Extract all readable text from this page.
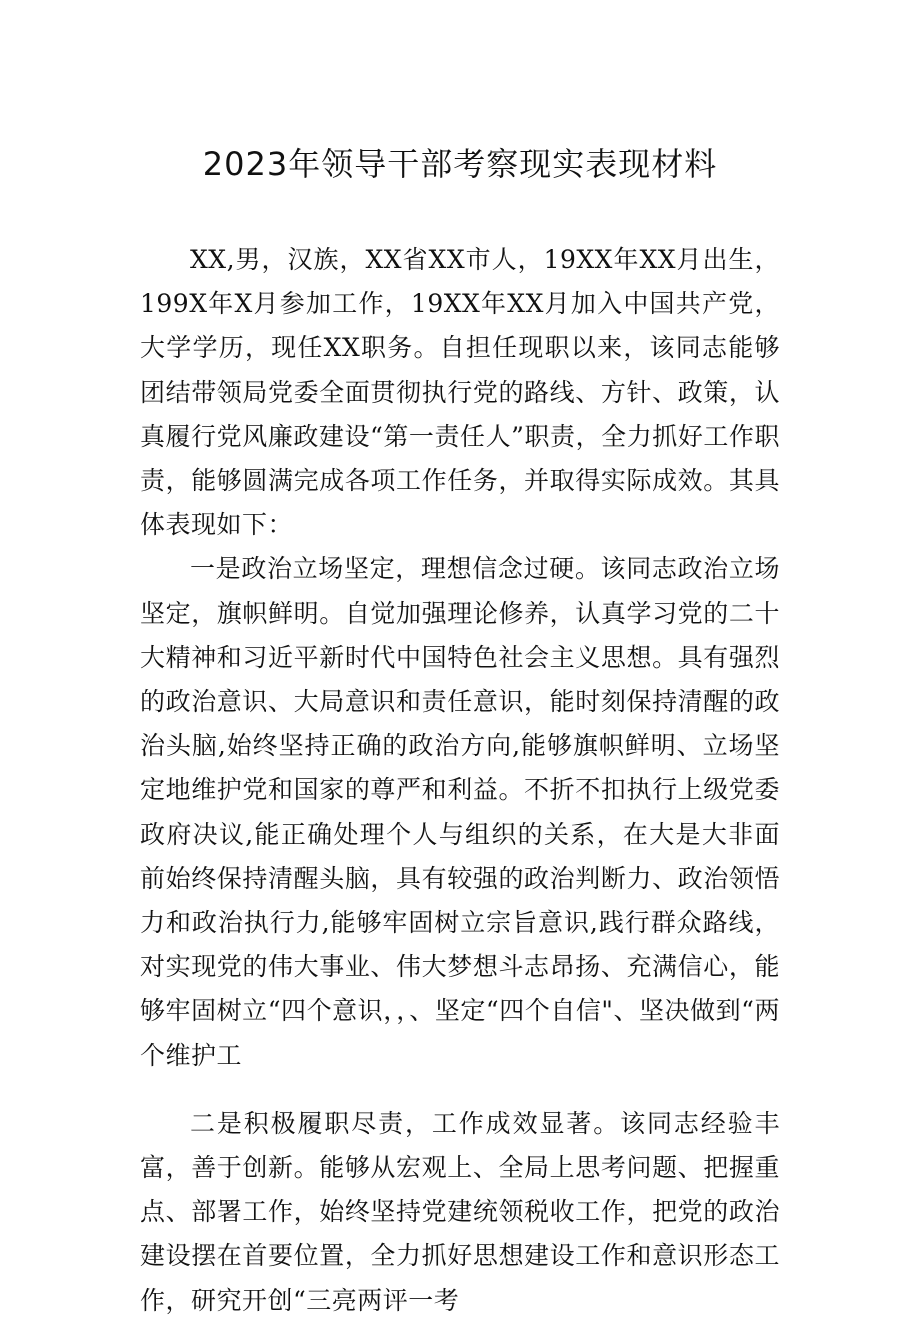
2023年领导干部考察现实表现材料

XX,男，汉族，XX省XX市人，19XX年XX月出生，199X年X月参加工作，19XX年XX月加入中国共产党，大学学历，现任XX职务。自担任现职以来，该同志能够团结带领局党委全面贯彻执行党的路线、方针、政策，认真履行党风廉政建设“第一责任人”职责，全力抓好工作职责，能够圆满完成各项工作任务，并取得实际成效。其具体表现如下：

一是政治立场坚定，理想信念过硬。该同志政治立场坚定，旗帜鲜明。自觉加强理论修养，认真学习党的二十大精神和习近平新时代中国特色社会主义思想。具有强烈的政治意识、大局意识和责任意识，能时刻保持清醒的政治头脑,始终坚持正确的政治方向,能够旗帜鲜明、立场坚定地维护党和国家的尊严和利益。不折不扣执行上级党委政府决议,能正确处理个人与组织的关系，在大是大非面前始终保持清醒头脑，具有较强的政治判断力、政治领悟力和政治执行力,能够牢固树立宗旨意识,践行群众路线，对实现党的伟大事业、伟大梦想斗志昂扬、充满信心，能够牢固树立“四个意识，，、坚定“四个自信"、坚决做到“两个维护工

二是积极履职尽责，工作成效显著。该同志经验丰富，善于创新。能够从宏观上、全局上思考问题、把握重点、部署工作，始终坚持党建统领税收工作，把党的政治建设摆在首要位置，全力抓好思想建设工作和意识形态工作，研究开创“三亮两评一考
